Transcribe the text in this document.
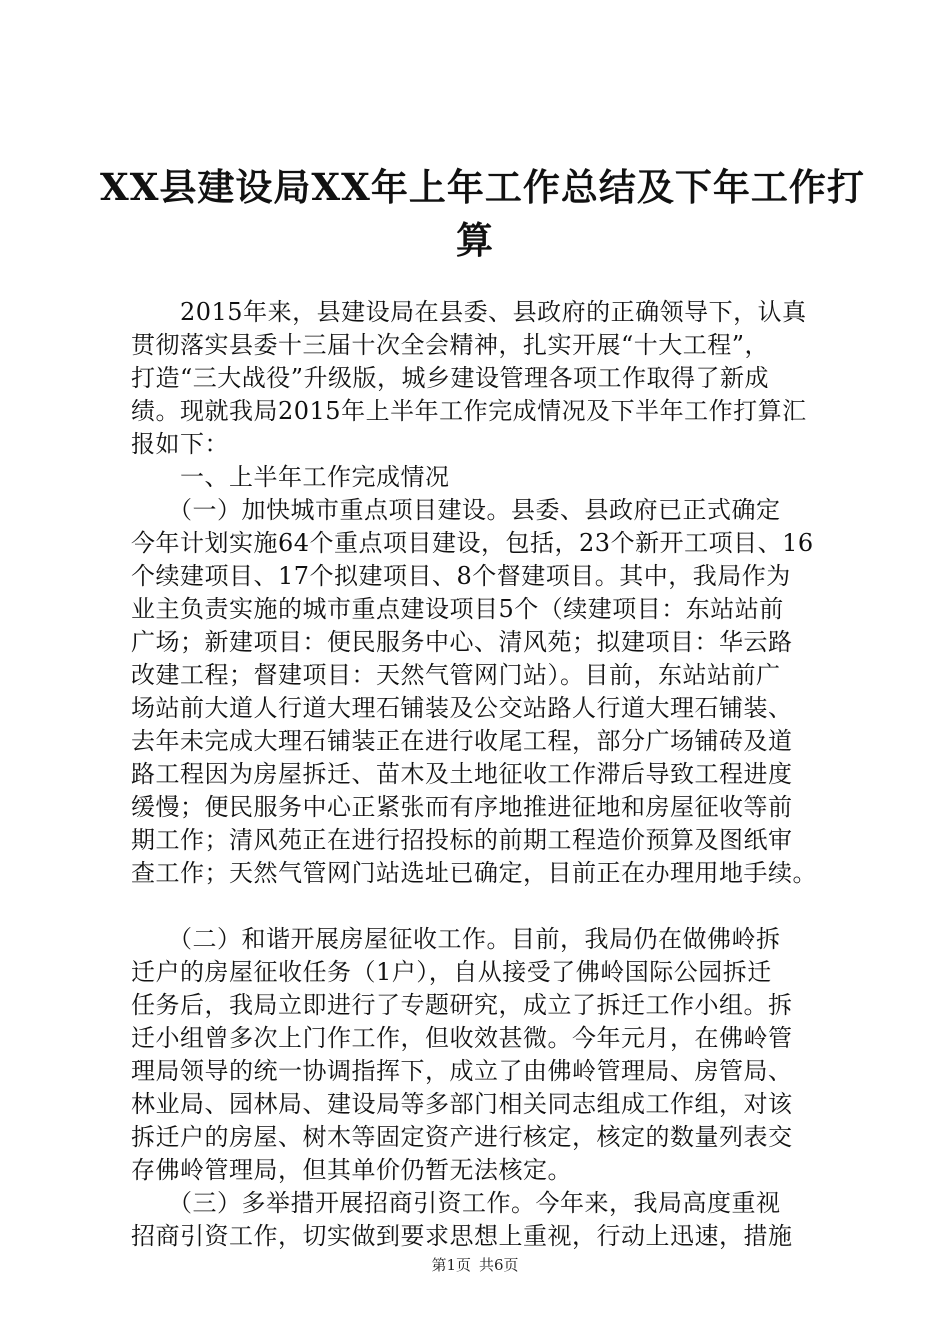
XX县建设局XX年上年工作总结及下年工作打
算
　　2015年来，县建设局在县委、县政府的正确领导下，认真
贯彻落实县委十三届十次全会精神，扎实开展“十大工程”，
打造“三大战役”升级版，城乡建设管理各项工作取得了新成
绩。现就我局2015年上半年工作完成情况及下半年工作打算汇
报如下：
　　一、上半年工作完成情况
　　（一）加快城市重点项目建设。县委、县政府已正式确定
今年计划实施64个重点项目建设，包括，23个新开工项目、16
个续建项目、17个拟建项目、8个督建项目。其中，我局作为
业主负责实施的城市重点建设项目5个（续建项目：东站站前
广场；新建项目：便民服务中心、清风苑；拟建项目：华云路
改建工程；督建项目：天然气管网门站）。目前，东站站前广
场站前大道人行道大理石铺装及公交站路人行道大理石铺装、
去年未完成大理石铺装正在进行收尾工程，部分广场铺砖及道
路工程因为房屋拆迁、苗木及土地征收工作滞后导致工程进度
缓慢；便民服务中心正紧张而有序地推进征地和房屋征收等前
期工作；清风苑正在进行招投标的前期工程造价预算及图纸审
查工作；天然气管网门站选址已确定，目前正在办理用地手续。
　　（二）和谐开展房屋征收工作。目前，我局仍在做佛岭拆
迁户的房屋征收任务（1户），自从接受了佛岭国际公园拆迁
任务后，我局立即进行了专题研究，成立了拆迁工作小组。拆
迁小组曾多次上门作工作，但收效甚微。今年元月，在佛岭管
理局领导的统一协调指挥下，成立了由佛岭管理局、房管局、
林业局、园林局、建设局等多部门相关同志组成工作组，对该
拆迁户的房屋、树木等固定资产进行核定，核定的数量列表交
存佛岭管理局，但其单价仍暂无法核定。
　　（三）多举措开展招商引资工作。今年来，我局高度重视
招商引资工作，切实做到要求思想上重视，行动上迅速，措施
第1页 共6页
